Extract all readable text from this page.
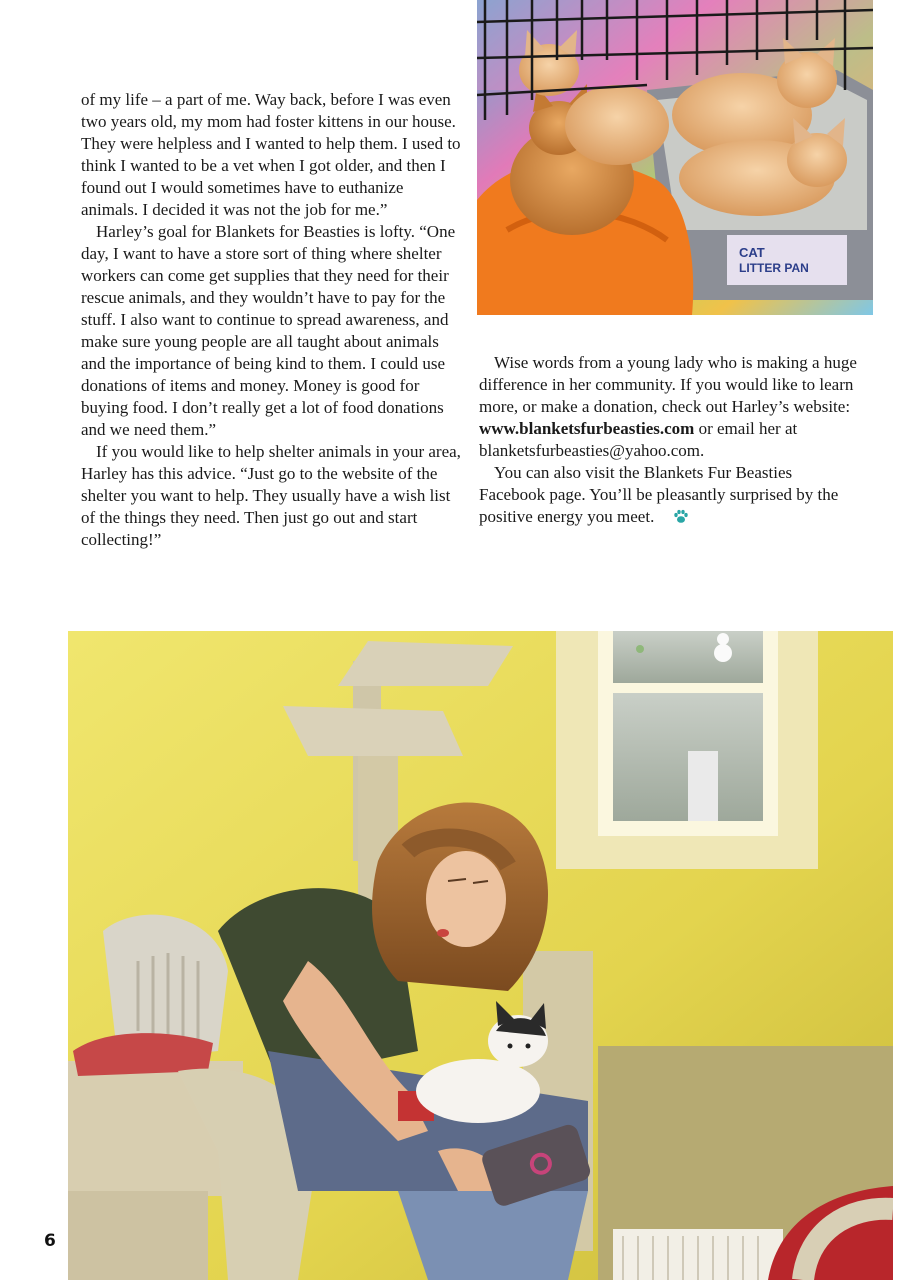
of my life – a part of me. Way back, before I was even two years old, my mom had foster kittens in our house. They were helpless and I wanted to help them. I used to think I wanted to be a vet when I got older, and then I found out I would sometimes have to euthanize animals. I decided it was not the job for me.”

Harley’s goal for Blankets for Beasties is lofty. “One day, I want to have a store sort of thing where shelter workers can come get supplies that they need for their rescue animals, and they wouldn’t have to pay for the stuff. I also want to continue to spread awareness, and make sure young people are all taught about animals and the importance of being kind to them. I could use donations of items and money. Money is good for buying food. I don’t really get a lot of food donations and we need them.”

If you would like to help shelter animals in your area, Harley has this advice. “Just go to the website of the shelter you want to help. They usually have a wish list of the things they need. Then just go out and start collecting!”

Wise words from a young lady who is making a huge difference in her community. If you would like to learn more, or make a donation, check out Harley’s website: www.blanketsfurbeasties.com or email her at blanketsfurbeasties@yahoo.com.

You can also visit the Blankets Fur Beasties Facebook page. You’ll be pleasantly surprised by the positive energy you meet.

CAT
LITTER PAN
6
